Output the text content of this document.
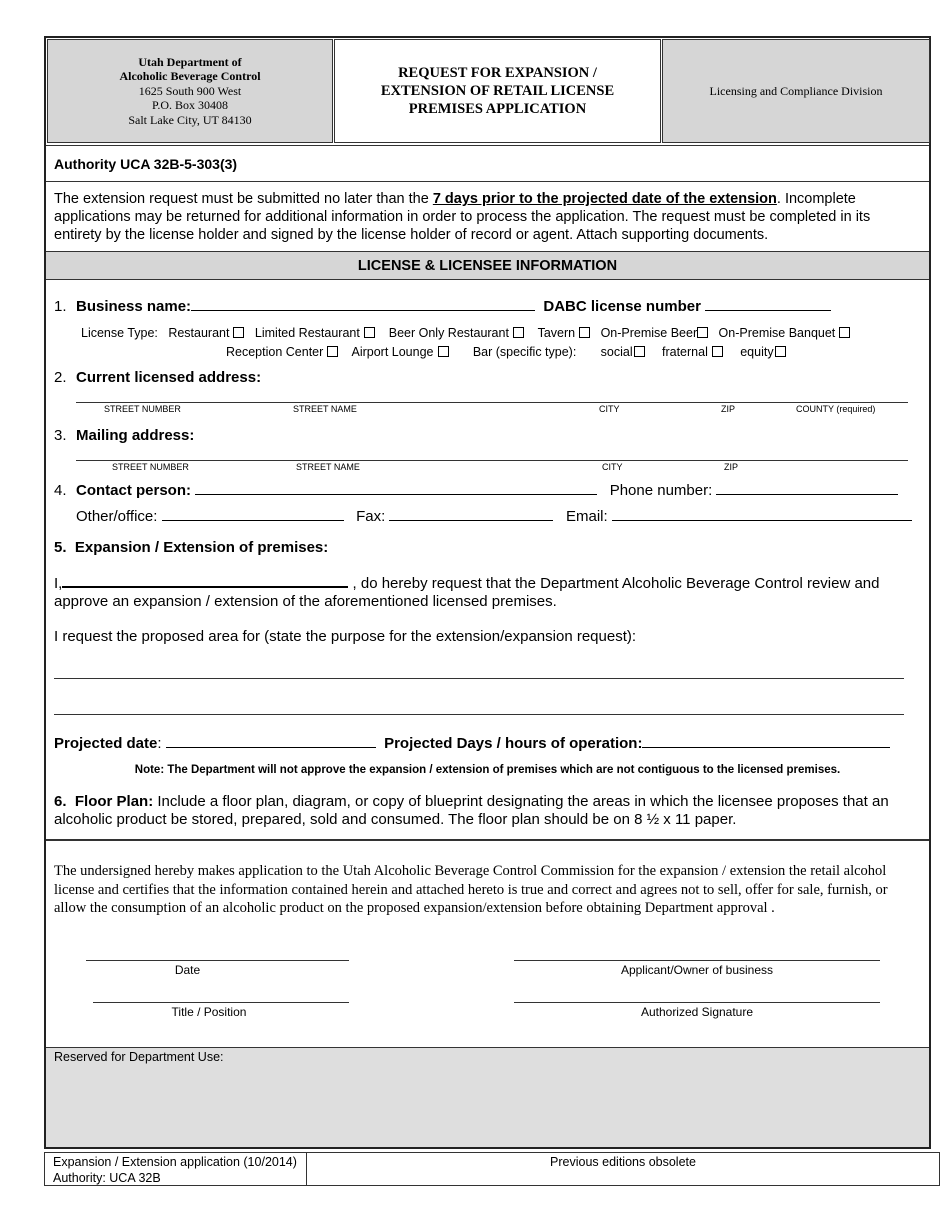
Utah Department of
Alcoholic Beverage Control
1625 South 900 West
P.O. Box 30408
Salt Lake City, UT 84130
REQUEST FOR EXPANSION /
EXTENSION OF RETAIL LICENSE
PREMISES APPLICATION
Licensing and Compliance Division
Authority UCA 32B-5-303(3)
The extension request must be submitted no later than the 7 days prior to the projected date of the extension. Incomplete applications may be returned for additional information in order to process the application. The request must be completed in its entirety by the license holder and signed by the license holder of record or agent. Attach supporting documents.
LICENSE & LICENSEE INFORMATION
1. Business name:	DABC license number
License Type: Restaurant Limited Restaurant Beer Only Restaurant Tavern On-Premise Beer On-Premise Banquet
Reception Center Airport Lounge	Bar (specific type): social fraternal	equity
2. Current licensed address:
STREET NUMBER	STREET NAME	CITY	ZIP	COUNTY (required)
3. Mailing address:
STREET NUMBER	STREET NAME	CITY	ZIP
4. Contact person:	Phone number:
Other/office:	Fax:	Email:
5. Expansion / Extension of premises:
I,	, do hereby request that the Department Alcoholic Beverage Control review and approve an expansion / extension of the aforementioned licensed premises.
I request the proposed area for (state the purpose for the extension/expansion request):
Projected date:	Projected Days / hours of operation:
Note: The Department will not approve the expansion / extension of premises which are not contiguous to the licensed premises.
6. Floor Plan: Include a floor plan, diagram, or copy of blueprint designating the areas in which the licensee proposes that an alcoholic product be stored, prepared, sold and consumed. The floor plan should be on 8 ½ x 11 paper.
The undersigned hereby makes application to the Utah Alcoholic Beverage Control Commission for the expansion / extension the retail alcohol license and certifies that the information contained herein and attached hereto is true and correct and agrees not to sell, offer for sale, furnish, or allow the consumption of an alcoholic product on the proposed expansion/extension before obtaining Department approval .
Date	Applicant/Owner of business
Title / Position	Authorized Signature
Reserved for Department Use:
Expansion / Extension application (10/2014)
Authority: UCA 32B
Previous editions obsolete
